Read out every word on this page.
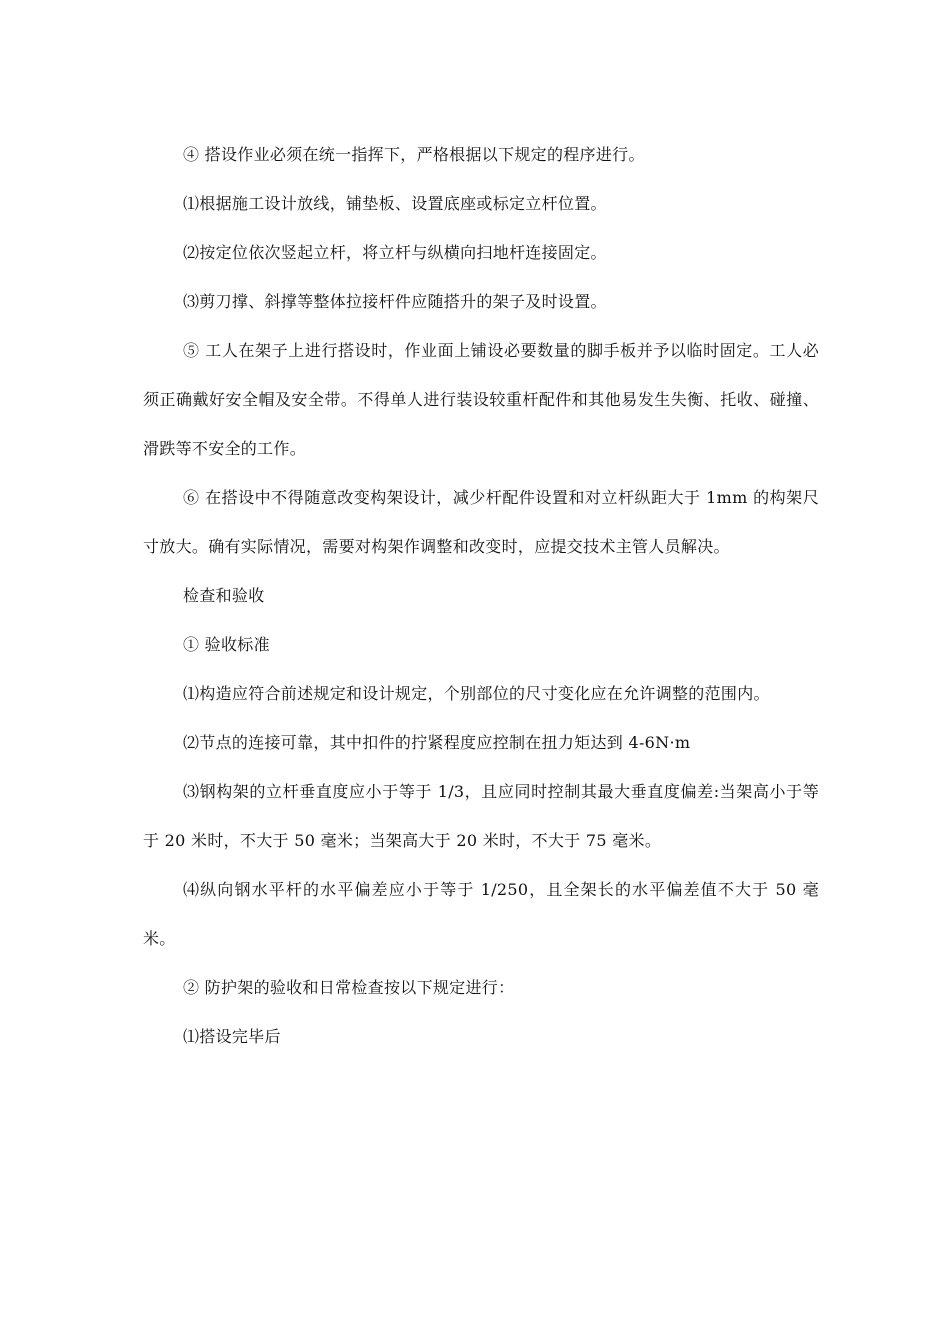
④ 搭设作业必须在统一指挥下，严格根据以下规定的程序进行。

⑴根据施工设计放线，铺垫板、设置底座或标定立杆位置。

⑵按定位依次竖起立杆，将立杆与纵横向扫地杆连接固定。

⑶剪刀撑、斜撑等整体拉接杆件应随搭升的架子及时设置。

⑤ 工人在架子上进行搭设时，作业面上铺设必要数量的脚手板并予以临时固定。工人必须正确戴好安全帽及安全带。不得单人进行装设较重杆配件和其他易发生失衡、托收、碰撞、滑跌等不安全的工作。

⑥ 在搭设中不得随意改变构架设计，减少杆配件设置和对立杆纵距大于 1mm 的构架尺寸放大。确有实际情况，需要对构架作调整和改变时，应提交技术主管人员解决。

检查和验收

① 验收标准

⑴构造应符合前述规定和设计规定，个别部位的尺寸变化应在允许调整的范围内。

⑵节点的连接可靠，其中扣件的拧紧程度应控制在扭力矩达到 4-6N·m

⑶钢构架的立杆垂直度应小于等于 1/3，且应同时控制其最大垂直度偏差:当架高小于等于 20 米时，不大于 50 毫米；当架高大于 20 米时，不大于 75 毫米。

⑷纵向钢水平杆的水平偏差应小于等于 1/250，且全架长的水平偏差值不大于 50 毫米。

② 防护架的验收和日常检查按以下规定进行：

⑴搭设完毕后
